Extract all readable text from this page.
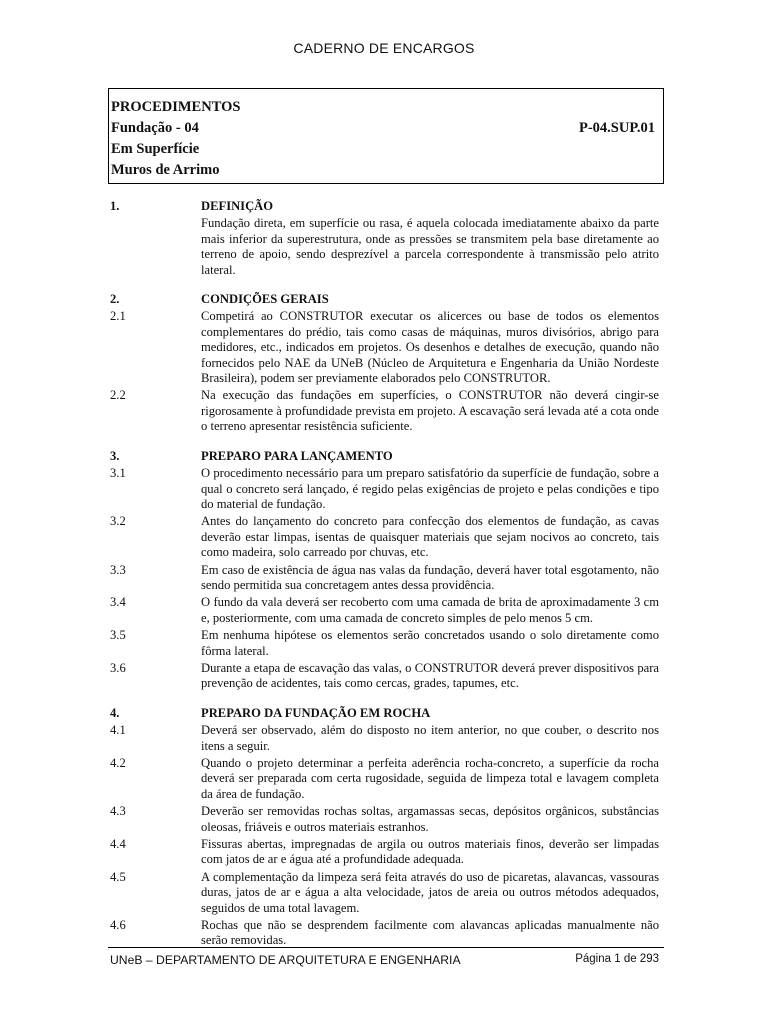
CADERNO DE ENCARGOS
PROCEDIMENTOS
Fundação - 04	P-04.SUP.01
Em Superfície
Muros de Arrimo
1.	DEFINIÇÃO
Fundação direta, em superfície ou rasa, é aquela colocada imediatamente abaixo da parte mais inferior da superestrutura, onde as pressões se transmitem pela base diretamente ao terreno de apoio, sendo desprezível a parcela correspondente à transmissão pelo atrito lateral.
2.	CONDIÇÕES GERAIS
2.1	Competirá ao CONSTRUTOR executar os alicerces ou base de todos os elementos complementares do prédio, tais como casas de máquinas, muros divisórios, abrigo para medidores, etc., indicados em projetos. Os desenhos e detalhes de execução, quando não fornecidos pelo NAE da UNeB (Núcleo de Arquitetura e Engenharia da União Nordeste Brasileira), podem ser previamente elaborados pelo CONSTRUTOR.
2.2	Na execução das fundações em superfícies, o CONSTRUTOR não deverá cingir-se rigorosamente à profundidade prevista em projeto. A escavação será levada até a cota onde o terreno apresentar resistência suficiente.
3.	PREPARO PARA LANÇAMENTO
3.1	O procedimento necessário para um preparo satisfatório da superfície de fundação, sobre a qual o concreto será lançado, é regido pelas exigências de projeto e pelas condições e tipo do material de fundação.
3.2	Antes do lançamento do concreto para confecção dos elementos de fundação, as cavas deverão estar limpas, isentas de quaisquer materiais que sejam nocivos ao concreto, tais como madeira, solo carreado por chuvas, etc.
3.3	Em caso de existência de água nas valas da fundação, deverá haver total esgotamento, não sendo permitida sua concretagem antes dessa providência.
3.4	O fundo da vala deverá ser recoberto com uma camada de brita de aproximadamente 3 cm e, posteriormente, com uma camada de concreto simples de pelo menos 5 cm.
3.5	Em nenhuma hipótese os elementos serão concretados usando o solo diretamente como fôrma lateral.
3.6	Durante a etapa de escavação das valas, o CONSTRUTOR deverá prever dispositivos para prevenção de acidentes, tais como cercas, grades, tapumes, etc.
4.	PREPARO DA FUNDAÇÃO EM ROCHA
4.1	Deverá ser observado, além do disposto no item anterior, no que couber, o descrito nos itens a seguir.
4.2	Quando o projeto determinar a perfeita aderência rocha-concreto, a superfície da rocha deverá ser preparada com certa rugosidade, seguida de limpeza total e lavagem completa da área de fundação.
4.3	Deverão ser removidas rochas soltas, argamassas secas, depósitos orgânicos, substâncias oleosas, friáveis e outros materiais estranhos.
4.4	Fissuras abertas, impregnadas de argila ou outros materiais finos, deverão ser limpadas com jatos de ar e água até a profundidade adequada.
4.5	A complementação da limpeza será feita através do uso de picaretas, alavancas, vassouras duras, jatos de ar e água a alta velocidade, jatos de areia ou outros métodos adequados, seguidos de uma total lavagem.
4.6	Rochas que não se desprendem facilmente com alavancas aplicadas manualmente não serão removidas.
UNeB – DEPARTAMENTO DE ARQUITETURA E ENGENHARIA	Página 1 de 293
